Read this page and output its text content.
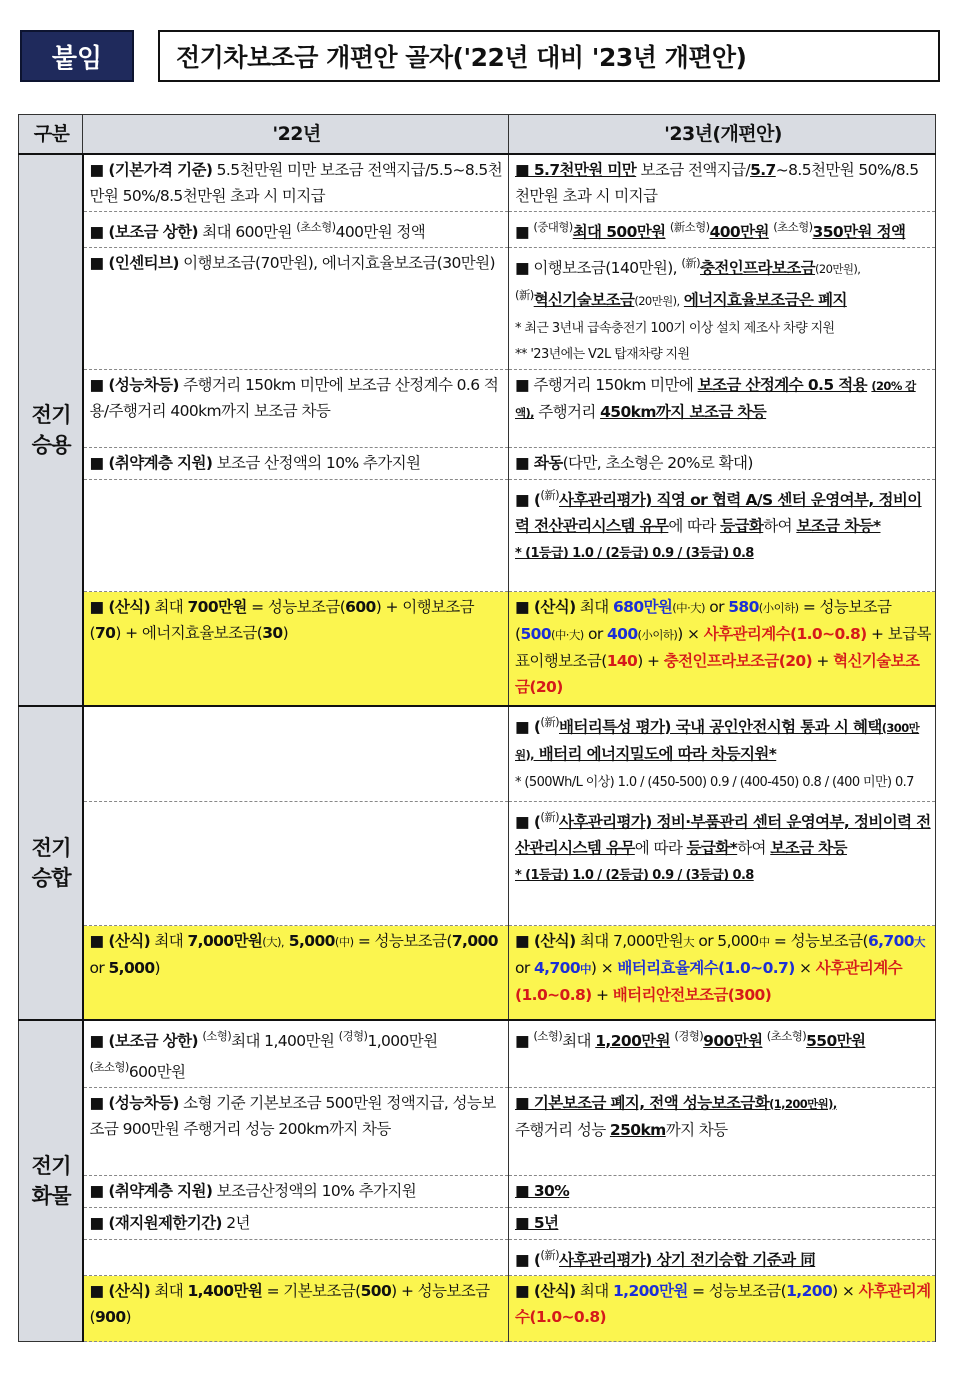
붙임	전기차보조금 개편안 골자('22년 대비 '23년 개편안)
구분	'22년	'23년(개편안)
전기 승용	■ (기본가격 기준) 5.5천만원 미만 보조금 전액지급/5.5~8.5천만원 50%/8.5천만원 초과 시 미지급	■ 5.7천만원 미만 보조금 전액지급/5.7~8.5천만원 50%/8.5천만원 초과 시 미지급
	■ (보조금 상한) 최대 600만원 $^{(초소형)}$400만원 정액	■ $^{(중대형)}$최대 500만원 $^{(新소형)}$400만원 $^{(초소형)}$350만원 정액
	■ (인센티브) 이행보조금(70만원), 에너지효율보조금(30만원)	■ 이행보조금(140만원), $^{(新)}$충전인프라보조금(20만원),
$^{(新)}$혁신기술보조금(20만원), 에너지효율보조금은 폐지
* 최근 3년내 급속충전기 100기 이상 설치 제조사 차량 지원
** '23년에는 V2L 탑재차량 지원
	■ (성능차등) 주행거리 150km 미만에 보조금 산정계수 0.6 적용/주행거리 400km까지 보조금 차등	■ 주행거리 150km 미만에 보조금 산정계수 0.5 적용 (20% 감액), 주행거리 450km까지 보조금 차등
	■ (취약계층 지원) 보조금 산정액의 10% 추가지원	■ 좌동(다만, 초소형은 20%로 확대)
		■ ($^{(新)}$사후관리평가) 직영 or 협력 A/S 센터 운영여부, 정비이력 전산관리시스템 유무에 따라 등급화하여 보조금 차등*
* (1등급) 1.0 / (2등급) 0.9 / (3등급) 0.8
	■ (산식) 최대 700만원 = 성능보조금(600) + 이행보조금(70) + 에너지효율보조금(30)	■ (산식) 최대 680만원(中·大) or 580(小이하) = 성능보조금(500(中·大) or 400(小이하)) × 사후관리계수(1.0~0.8) + 보급목표이행보조금(140) + 충전인프라보조금(20) + 혁신기술보조금(20)
전기 승합		■ ($^{(新)}$배터리특성 평가) 국내 공인안전시험 통과 시 혜택(300만원), 배터리 에너지밀도에 따라 차등지원*
* (500Wh/L 이상) 1.0 / (450-500) 0.9 / (400-450) 0.8 / (400 미만) 0.7
		■ ($^{(新)}$사후관리평가) 정비·부품관리 센터 운영여부, 정비이력 전산관리시스템 유무에 따라 등급화*하여 보조금 차등
* (1등급) 1.0 / (2등급) 0.9 / (3등급) 0.8
	■ (산식) 최대 7,000만원(大), 5,000(中) = 성능보조금(7,000 or 5,000)	■ (산식) 최대 7,000만원大 or 5,000中 = 성능보조금(6,700大 or 4,700中) × 배터리효율계수(1.0~0.7) × 사후관리계수(1.0~0.8) + 배터리안전보조금(300)
전기 화물	■ (보조금 상한) $^{(소형)}$최대 1,400만원 $^{(경형)}$1,000만원
$^{(초소형)}$600만원	■ $^{(소형)}$최대 1,200만원 $^{(경형)}$900만원 $^{(초소형)}$550만원
	■ (성능차등) 소형 기준 기본보조금 500만원 정액지급, 성능보조금 900만원 주행거리 성능 200km까지 차등	■ 기본보조금 폐지, 전액 성능보조금화(1,200만원),
주행거리 성능 250km까지 차등
	■ (취약계층 지원) 보조금산정액의 10% 추가지원	■ 30%
	■ (재지원제한기간) 2년	■ 5년
		■ ($^{(新)}$사후관리평가) 상기 전기승합 기준과 同
	■ (산식) 최대 1,400만원 = 기본보조금(500) + 성능보조금(900)	■ (산식) 최대 1,200만원 = 성능보조금(1,200) × 사후관리계수(1.0~0.8)
